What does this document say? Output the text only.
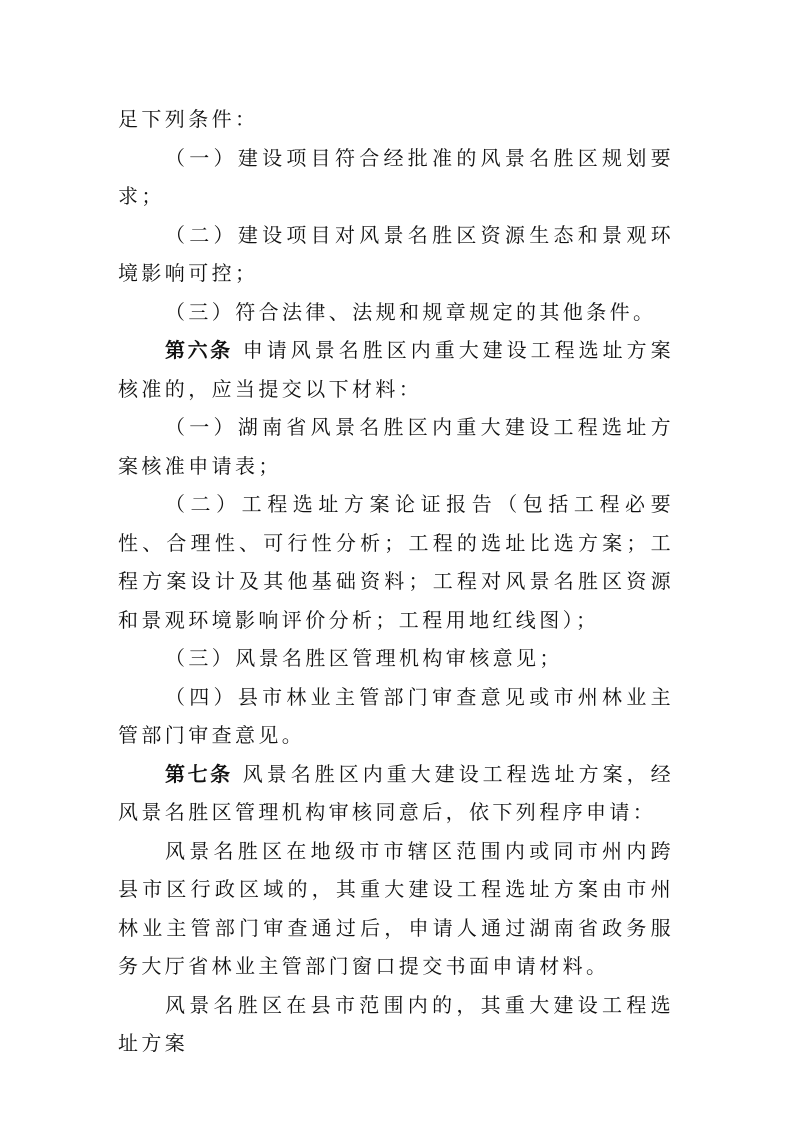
足下列条件：

（一）建设项目符合经批准的风景名胜区规划要求；

（二）建设项目对风景名胜区资源生态和景观环境影响可控；

（三）符合法律、法规和规章规定的其他条件。

第六条 申请风景名胜区内重大建设工程选址方案核准的，应当提交以下材料：

（一）湖南省风景名胜区内重大建设工程选址方案核准申请表；

（二）工程选址方案论证报告（包括工程必要性、合理性、可行性分析；工程的选址比选方案；工程方案设计及其他基础资料；工程对风景名胜区资源和景观环境影响评价分析；工程用地红线图）；

（三）风景名胜区管理机构审核意见；

（四）县市林业主管部门审查意见或市州林业主管部门审查意见。

第七条 风景名胜区内重大建设工程选址方案，经风景名胜区管理机构审核同意后，依下列程序申请：

风景名胜区在地级市市辖区范围内或同市州内跨县市区行政区域的，其重大建设工程选址方案由市州林业主管部门审查通过后，申请人通过湖南省政务服务大厅省林业主管部门窗口提交书面申请材料。

风景名胜区在县市范围内的，其重大建设工程选址方案
